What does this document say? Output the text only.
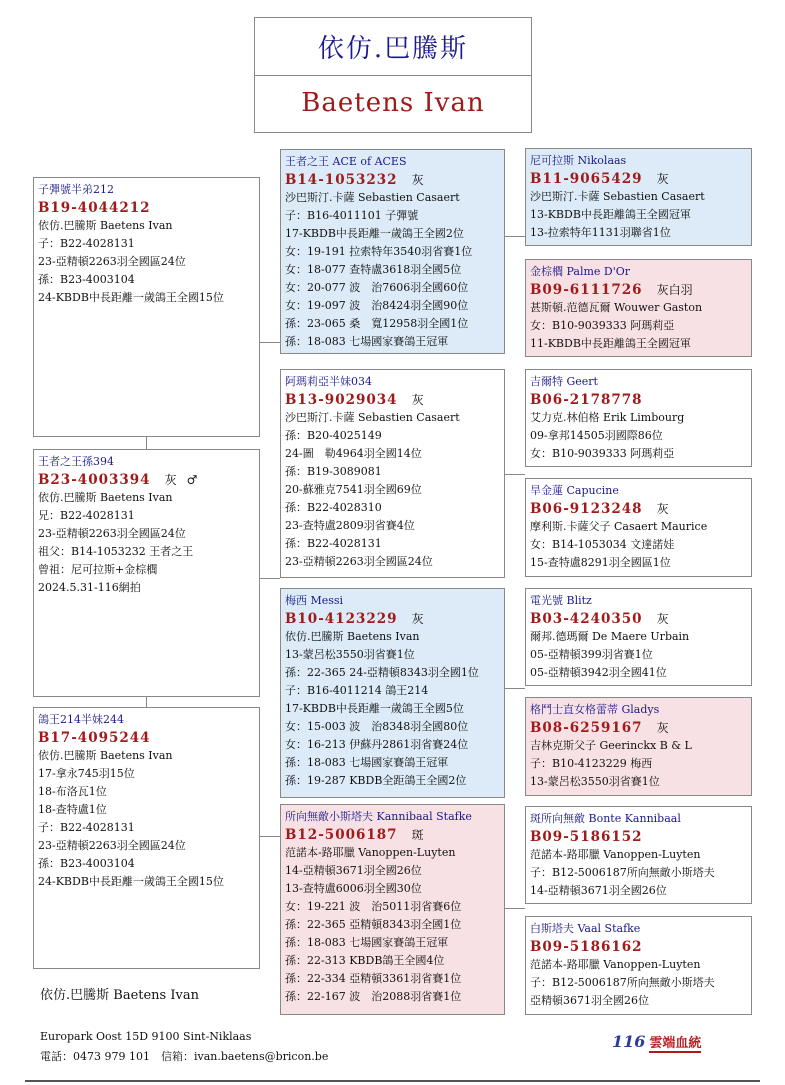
依仿.巴騰斯
Baetens Ivan
子彈號半弟212
B19-4044212
依仿.巴騰斯 Baetens Ivan
子：B22-4028131
23-亞精頓2263羽全國區24位
孫：B23-4003104
24-KBDB中長距離一歲鴿王全國15位
王者之王孫394
B23-4003394 灰 ♂
依仿.巴騰斯 Baetens Ivan
兄：B22-4028131
23-亞精頓2263羽全國區24位
祖父：B14-1053232 王者之王
曾祖：尼可拉斯+金棕櫚
2024.5.31-116網拍
鴿王214半妹244
B17-4095244
依仿.巴騰斯 Baetens Ivan
17-拿永745羽15位
18-布洛瓦1位
18-查特盧1位
子：B22-4028131
23-亞精頓2263羽全國區24位
孫：B23-4003104
24-KBDB中長距離一歲鴿王全國15位
王者之王 ACE of ACES
B14-1053232 灰
沙巴斯汀.卡薩 Sebastien Casaert
子：B16-4011101 子彈號
17-KBDB中長距離一歲鴿王全國2位
女：19-191 拉索特年3540羽省賽1位
女：18-077 查特盧3618羽全國5位
女：20-077 波　治7606羽全國60位
女：19-097 波　治8424羽全國90位
孫：23-065 桑　寬12958羽全國1位
孫：18-083 七場國家賽鴿王冠軍
阿瑪莉亞半妹034
B13-9029034 灰
沙巴斯汀.卡薩 Sebastien Casaert
孫：B20-4025149
24-圖　勒4964羽全國14位
孫：B19-3089081
20-蘇雅克7541羽全國69位
孫：B22-4028310
23-查特盧2809羽省賽4位
孫：B22-4028131
23-亞精頓2263羽全國區24位
梅西 Messi
B10-4123229 灰
依仿.巴騰斯 Baetens Ivan
13-蒙呂松3550羽省賽1位
孫：22-365 24-亞精頓8343羽全國1位
子：B16-4011214 鴿王214
17-KBDB中長距離一歲鴿王全國5位
女：15-003 波　治8348羽全國80位
女：16-213 伊蘇丹2861羽省賽24位
孫：18-083 七場國家賽鴿王冠軍
孫：19-287 KBDB全距鴿王全國2位
所向無敵小斯塔夫 Kannibaal Stafke
B12-5006187 斑
范諾本-路耶臘 Vanoppen-Luyten
14-亞精頓3671羽全國26位
13-查特盧6006羽全國30位
女：19-221 波　治5011羽省賽6位
孫：22-365 亞精頓8343羽全國1位
孫：18-083 七場國家賽鴿王冠軍
孫：22-313 KBDB鴿王全國4位
孫：22-334 亞精頓3361羽省賽1位
孫：22-167 波　治2088羽省賽1位
尼可拉斯 Nikolaas
B11-9065429 灰
沙巴斯汀.卡薩 Sebastien Casaert
13-KBDB中長距離鴿王全國冠軍
13-拉索特年1131羽聯省1位
金棕櫚 Palme D'Or
B09-6111726 灰白羽
甚斯頓.范德瓦爾 Wouwer Gaston
女：B10-9039333 阿瑪莉亞
11-KBDB中長距離鴿王全國冠軍
吉爾特 Geert
B06-2178778
艾力克.林伯格 Erik Limbourg
09-拿邦14505羽國際86位
女：B10-9039333 阿瑪莉亞
旱金蓮 Capucine
B06-9123248 灰
摩利斯.卡薩父子 Casaert Maurice
女：B14-1053034 文達諾娃
15-查特盧8291羽全國區1位
電光號 Blitz
B03-4240350 灰
爾邦.德瑪爾 De Maere Urbain
05-亞精頓399羽省賽1位
05-亞精頓3942羽全國41位
格鬥士直女格蕾蒂 Gladys
B08-6259167 灰
吉林克斯父子 Geerinckx B & L
子：B10-4123229 梅西
13-蒙呂松3550羽省賽1位
斑所向無敵 Bonte Kannibaal
B09-5186152
范諾本-路耶臘 Vanoppen-Luyten
子：B12-5006187所向無敵小斯塔夫
14-亞精頓3671羽全國26位
白斯塔夫 Vaal Stafke
B09-5186162
范諾本-路耶臘 Vanoppen-Luyten
子：B12-5006187所向無敵小斯塔夫
亞精頓3671羽全國26位
依仿.巴騰斯 Baetens Ivan
Europark Oost 15D 9100 Sint-Niklaas
電話：0473 979 101　信箱：ivan.baetens@bricon.be
116 雲端血統
